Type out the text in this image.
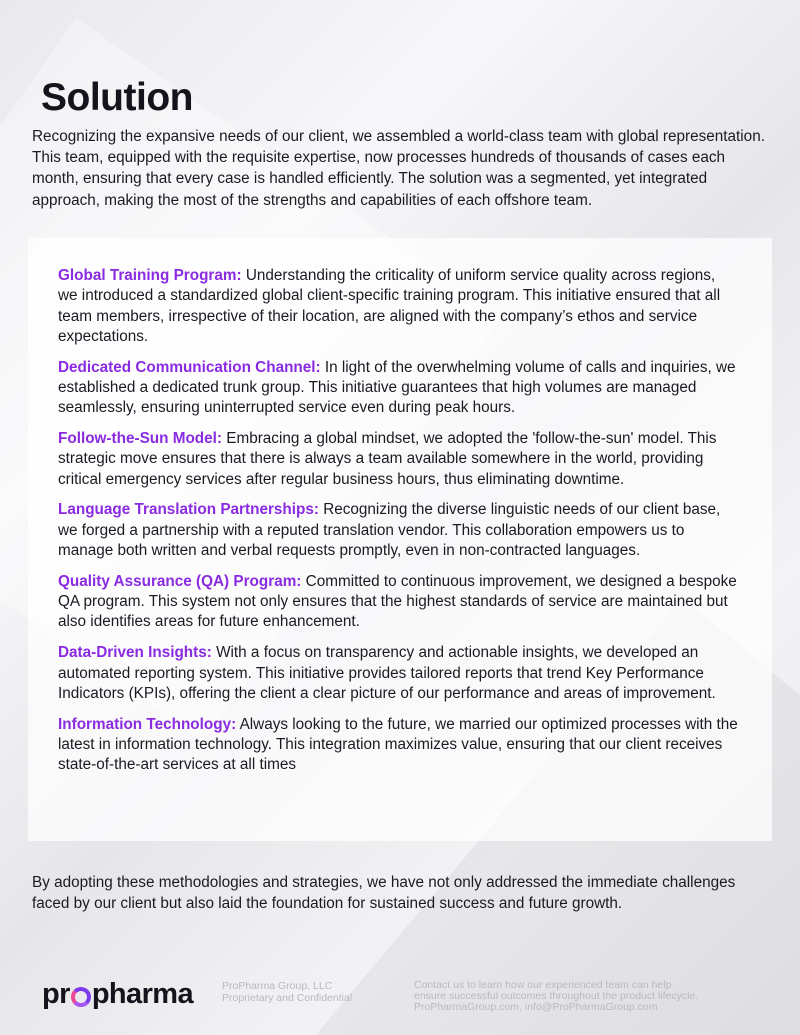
Solution

Recognizing the expansive needs of our client, we assembled a world-class team with global representation. This team, equipped with the requisite expertise, now processes hundreds of thousands of cases each month, ensuring that every case is handled efficiently. The solution was a segmented, yet integrated approach, making the most of the strengths and capabilities of each offshore team.

Global Training Program: Understanding the criticality of uniform service quality across regions, we introduced a standardized global client-specific training program. This initiative ensured that all team members, irrespective of their location, are aligned with the company’s ethos and service expectations.

Dedicated Communication Channel: In light of the overwhelming volume of calls and inquiries, we established a dedicated trunk group. This initiative guarantees that high volumes are managed seamlessly, ensuring uninterrupted service even during peak hours.

Follow-the-Sun Model: Embracing a global mindset, we adopted the 'follow-the-sun' model. This strategic move ensures that there is always a team available somewhere in the world, providing critical emergency services after regular business hours, thus eliminating downtime.

Language Translation Partnerships: Recognizing the diverse linguistic needs of our client base, we forged a partnership with a reputed translation vendor. This collaboration empowers us to manage both written and verbal requests promptly, even in non-contracted languages.

Quality Assurance (QA) Program: Committed to continuous improvement, we designed a bespoke QA program. This system not only ensures that the highest standards of service are maintained but also identifies areas for future enhancement.

Data-Driven Insights: With a focus on transparency and actionable insights, we developed an automated reporting system. This initiative provides tailored reports that trend Key Performance Indicators (KPIs), offering the client a clear picture of our performance and areas of improvement.

Information Technology: Always looking to the future, we married our optimized processes with the latest in information technology. This integration maximizes value, ensuring that our client receives state-of-the-art services at all times

By adopting these methodologies and strategies, we have not only addressed the immediate challenges faced by our client but also laid the foundation for sustained success and future growth.

pr pharma	ProPharma Group, LLC
Proprietary and Confidential
Contact us to learn how our experienced team can help
ensure successful outcomes throughout the product lifecycle.
ProPharmaGroup.com, info@ProPharmaGroup.com
